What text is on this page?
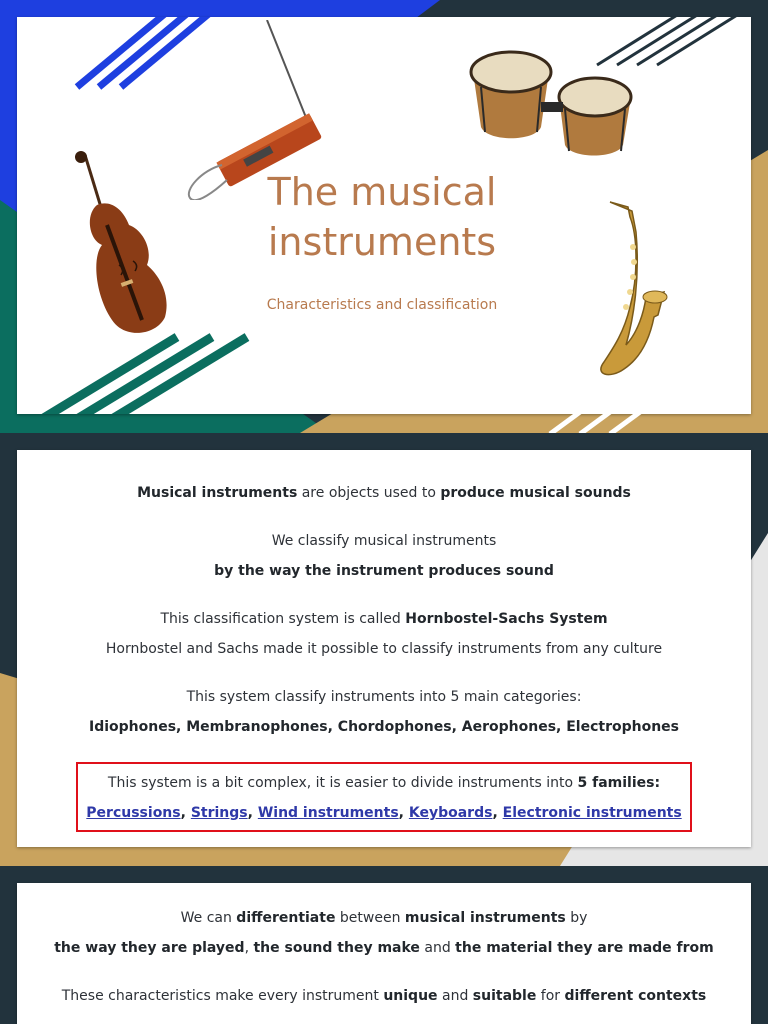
The musical
instruments
Characteristics and classification
Musical instruments are objects used to produce musical sounds
We classify musical instruments
by the way the instrument produces sound
This classification system is called Hornbostel-Sachs System
Hornbostel and Sachs made it possible to classify instruments from any culture
This system classify instruments into 5 main categories:
Idiophones, Membranophones, Chordophones, Aerophones, Electrophones
This system is a bit complex, it is easier to divide instruments into 5 families:
Percussions, Strings, Wind instruments, Keyboards, Electronic instruments
We can differentiate between musical instruments by
the way they are played, the sound they make and the material they are made from
These characteristics make every instrument unique and suitable for different contexts
